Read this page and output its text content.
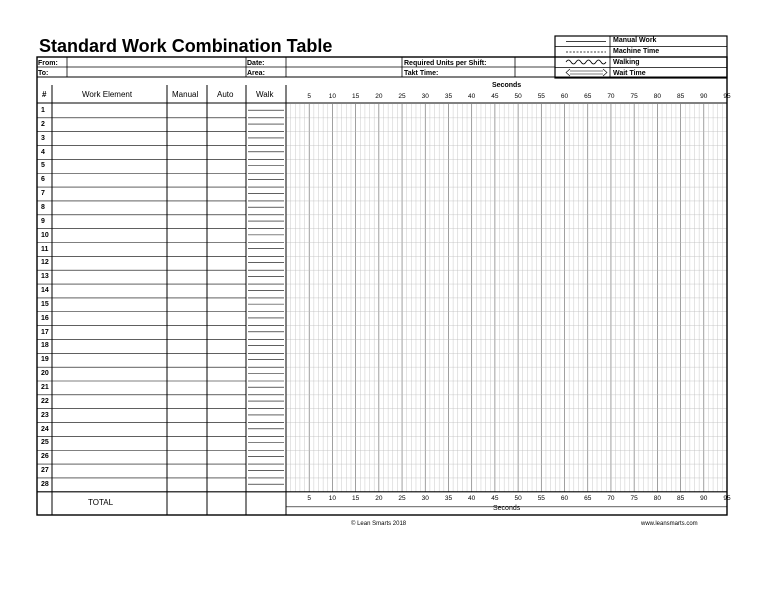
Standard Work Combination Table
From:
To:
Date:
Area:
Required Units per Shift:
Takt Time:
Manual Work
Machine Time
Walking
Wait Time
#	Work Element	Manual Auto	Walk
Seconds
Seconds
TOTAL
© Lean Smarts 2018	www.leansmarts.com
5
5
10
10
15
15
20
20
25
25
30
30
35
35
40
40
45
45
50
50
55
55
60
60
65
65
70
70
75
75
80
80
85
85
90
90
95
95
1
2
3
4
5
6
7
8
9
10
11
12
13
14
15
16
17
18
19
20
21
22
23
24
25
26
27
28
